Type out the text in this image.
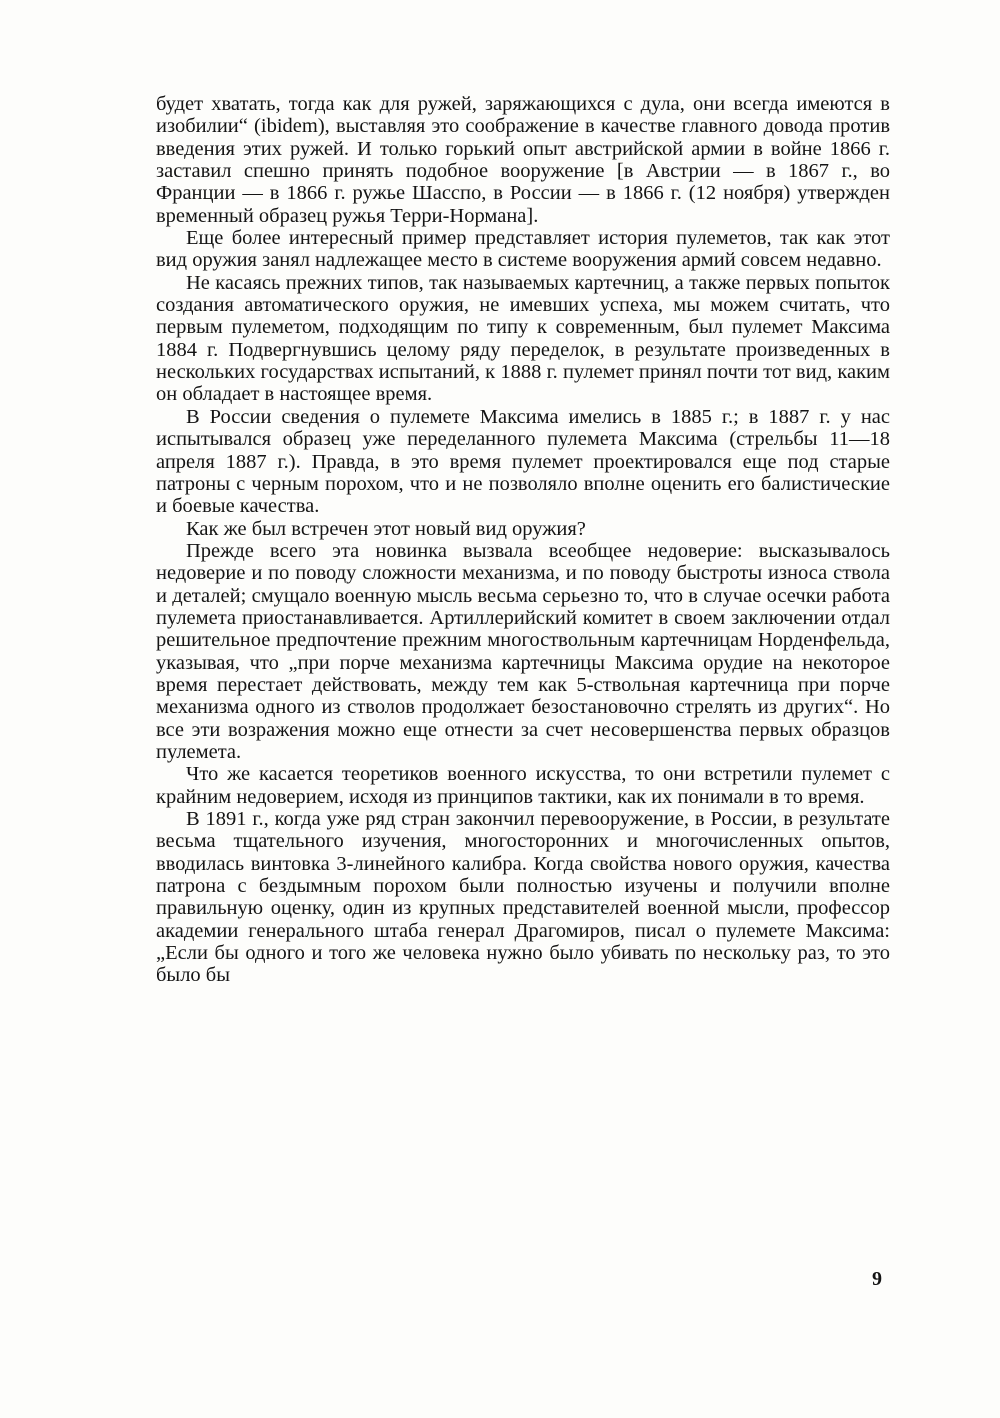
будет хватать, тогда как для ружей, заряжающихся с дула, они всегда имеются в изобилии“ (ibidem), выставляя это соображение в качестве главного довода против введения этих ружей. И только горький опыт австрийской армии в войне 1866 г. заставил спешно принять подобное вооружение [в Австрии — в 1867 г., во Франции — в 1866 г. ружье Шасспо, в России — в 1866 г. (12 ноября) утвержден временный образец ружья Терри-Нормана].

Еще более интересный пример представляет история пулеметов, так как этот вид оружия занял надлежащее место в системе вооружения армий совсем недавно.

Не касаясь прежних типов, так называемых картечниц, а также первых попыток создания автоматического оружия, не имевших успеха, мы можем считать, что первым пулеметом, подходящим по типу к современным, был пулемет Максима 1884 г. Подвергнувшись целому ряду переделок, в результате произведенных в нескольких государствах испытаний, к 1888 г. пулемет принял почти тот вид, каким он обладает в настоящее время.

В России сведения о пулемете Максима имелись в 1885 г.; в 1887 г. у нас испытывался образец уже переделанного пулемета Максима (стрельбы 11—18 апреля 1887 г.). Правда, в это время пулемет проектировался еще под старые патроны с черным порохом, что и не позволяло вполне оценить его балистические и боевые качества.

Как же был встречен этот новый вид оружия?

Прежде всего эта новинка вызвала всеобщее недоверие: высказывалось недоверие и по поводу сложности механизма, и по поводу быстроты износа ствола и деталей; смущало военную мысль весьма серьезно то, что в случае осечки работа пулемета приостанавливается. Артиллерийский комитет в своем заключении отдал решительное предпочтение прежним многоствольным картечницам Норденфельда, указывая, что „при порче механизма картечницы Максима орудие на некоторое время перестает действовать, между тем как 5-ствольная картечница при порче механизма одного из стволов продолжает безостановочно стрелять из других“. Но все эти возражения можно еще отнести за счет несовершенства первых образцов пулемета.

Что же касается теоретиков военного искусства, то они встретили пулемет с крайним недоверием, исходя из принципов тактики, как их понимали в то время.

В 1891 г., когда уже ряд стран закончил перевооружение, в России, в результате весьма тщательного изучения, многосторонних и многочисленных опытов, вводилась винтовка 3-линейного калибра. Когда свойства нового оружия, качества патрона с бездымным порохом были полностью изучены и получили вполне правильную оценку, один из крупных представителей военной мысли, профессор академии генерального штаба генерал Драгомиров, писал о пулемете Максима: „Если бы одного и того же человека нужно было убивать по нескольку раз, то это было бы

9
